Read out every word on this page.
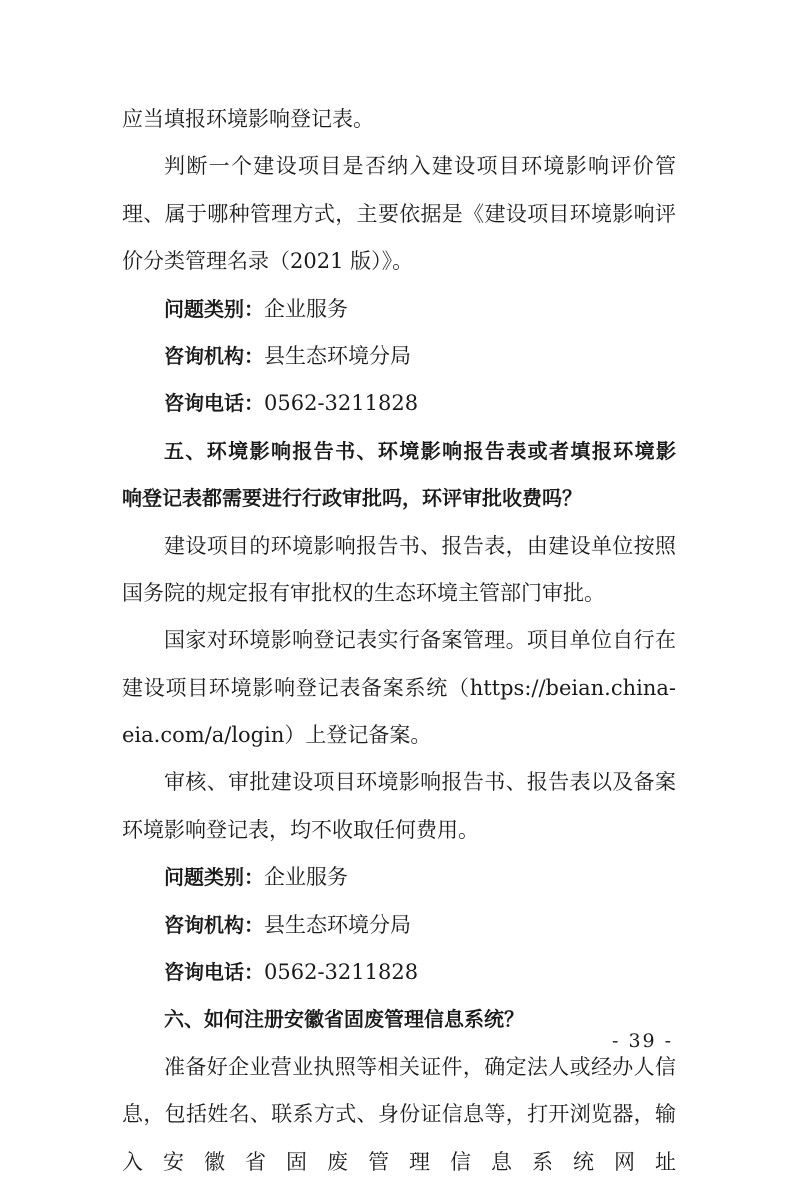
应当填报环境影响登记表。
判断一个建设项目是否纳入建设项目环境影响评价管
理、属于哪种管理方式，主要依据是《建设项目环境影响评
价分类管理名录（2021 版）》。
问题类别：企业服务
咨询机构：县生态环境分局
咨询电话：0562-3211828
五、环境影响报告书、环境影响报告表或者填报环境影
响登记表都需要进行行政审批吗，环评审批收费吗？
建设项目的环境影响报告书、报告表，由建设单位按照
国务院的规定报有审批权的生态环境主管部门审批。
国家对环境影响登记表实行备案管理。项目单位自行在
建设项目环境影响登记表备案系统（https://beian.china-
eia.com/a/login）上登记备案。
审核、审批建设项目环境影响报告书、报告表以及备案
环境影响登记表，均不收取任何费用。
问题类别：企业服务
咨询机构：县生态环境分局
咨询电话：0562-3211828
六、如何注册安徽省固废管理信息系统？
准备好企业营业执照等相关证件，确定法人或经办人信
息，包括姓名、联系方式、身份证信息等，打开浏览器，输
入安徽省固废管理信息系统网址
- 39 -
